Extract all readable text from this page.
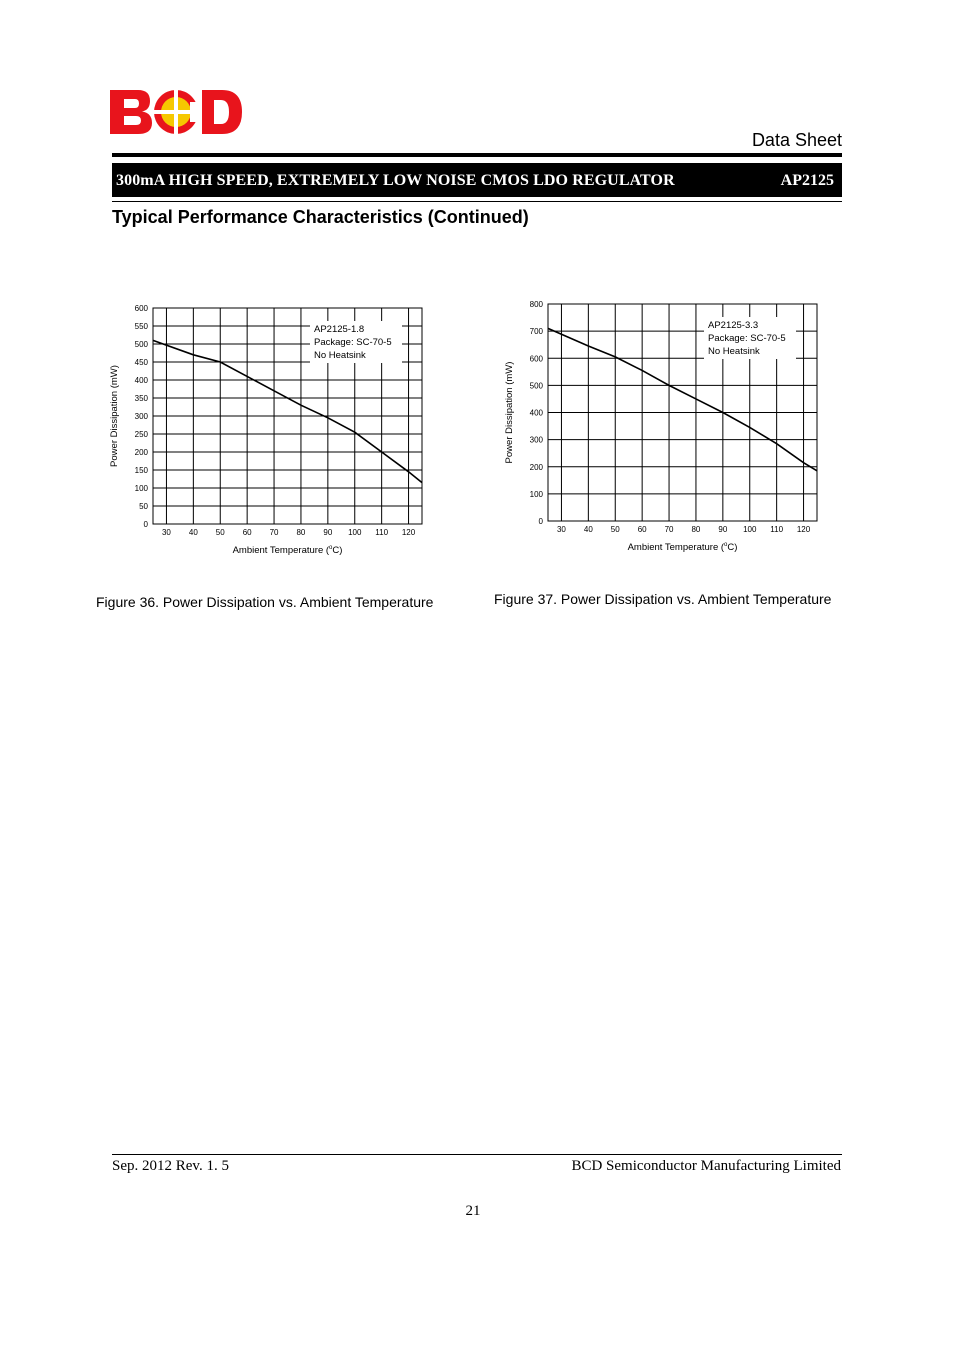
Data Sheet
300mA HIGH SPEED, EXTREMELY LOW NOISE CMOS LDO REGULATOR	AP2125
Typical Performance Characteristics (Continued)
0
50
100
150
200
250
300
350
400
450
500
550
600
30 40 50 60 70 80 90 100 110 120
AP2125-1.8
Package: SC-70-5
No Heatsink
Power Dissipation (mW)
Ambient Temperature ($^o$C)
Figure 36. Power Dissipation vs. Ambient Temperature
0
100
200
300
400
500
600
700
800
30 40 50 60 70 80 90 100 110 120
AP2125-3.3
Package: SC-70-5
No Heatsink
Power Dissipation (mW)
Ambient Temperature ($^o$C)
Figure 37. Power Dissipation vs. Ambient Temperature
Sep. 2012 Rev. 1. 5	BCD Semiconductor Manufacturing Limited
21
